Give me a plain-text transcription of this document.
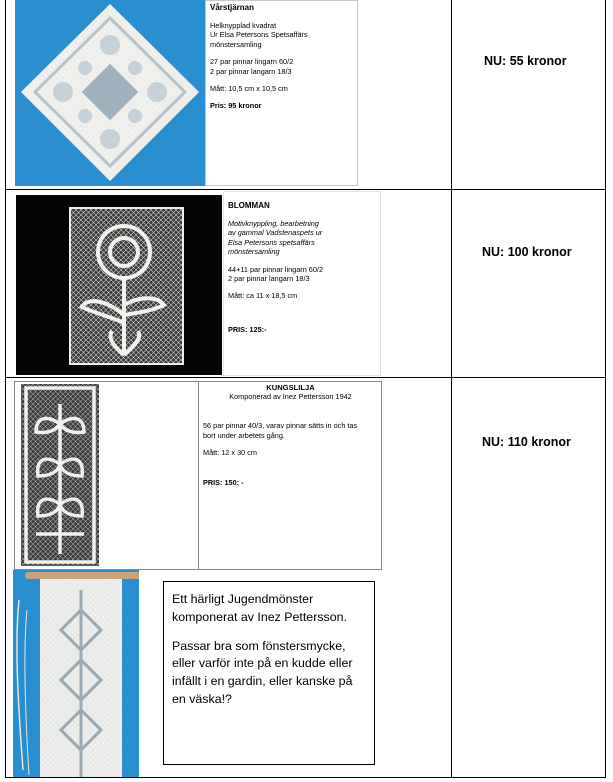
Vårstjärnan

Helknypplad kvadrat
Ur Elsa Petersons Spetsaffärs
mönstersamling

27 par pinnar lingarn 60/2
2 par pinnar langarn 18/3

Mått: 10,5 cm x 10,5 cm

Pris: 95 kronor

NU: 55 kronor
BLOMMAN

Motivknyppling, bearbetning
av gammal Vadstenaspets ur
Elsa Petersons spetsaffärs
mönstersamling

44+11 par pinnar lingarn 60/2
2 par pinnar langarn 18/3

Mått: ca 11 x 18,5 cm

PRIS: 125:-

NU: 100 kronor
KUNGSLILJA
Komponerad av Inez Pettersson 1942

56 par pinnar 40/3, varav pinnar sätts in och tas
bort under arbetets gång.

Mått: 12 x 30 cm

PRIS: 150: -

NU: 110 kronor

Ett härligt Jugendmönster komponerat av Inez Pettersson.

Passar bra som fönstersmycke, eller varför inte på en kudde eller infällt i en gardin, eller kanske på en väska!?
